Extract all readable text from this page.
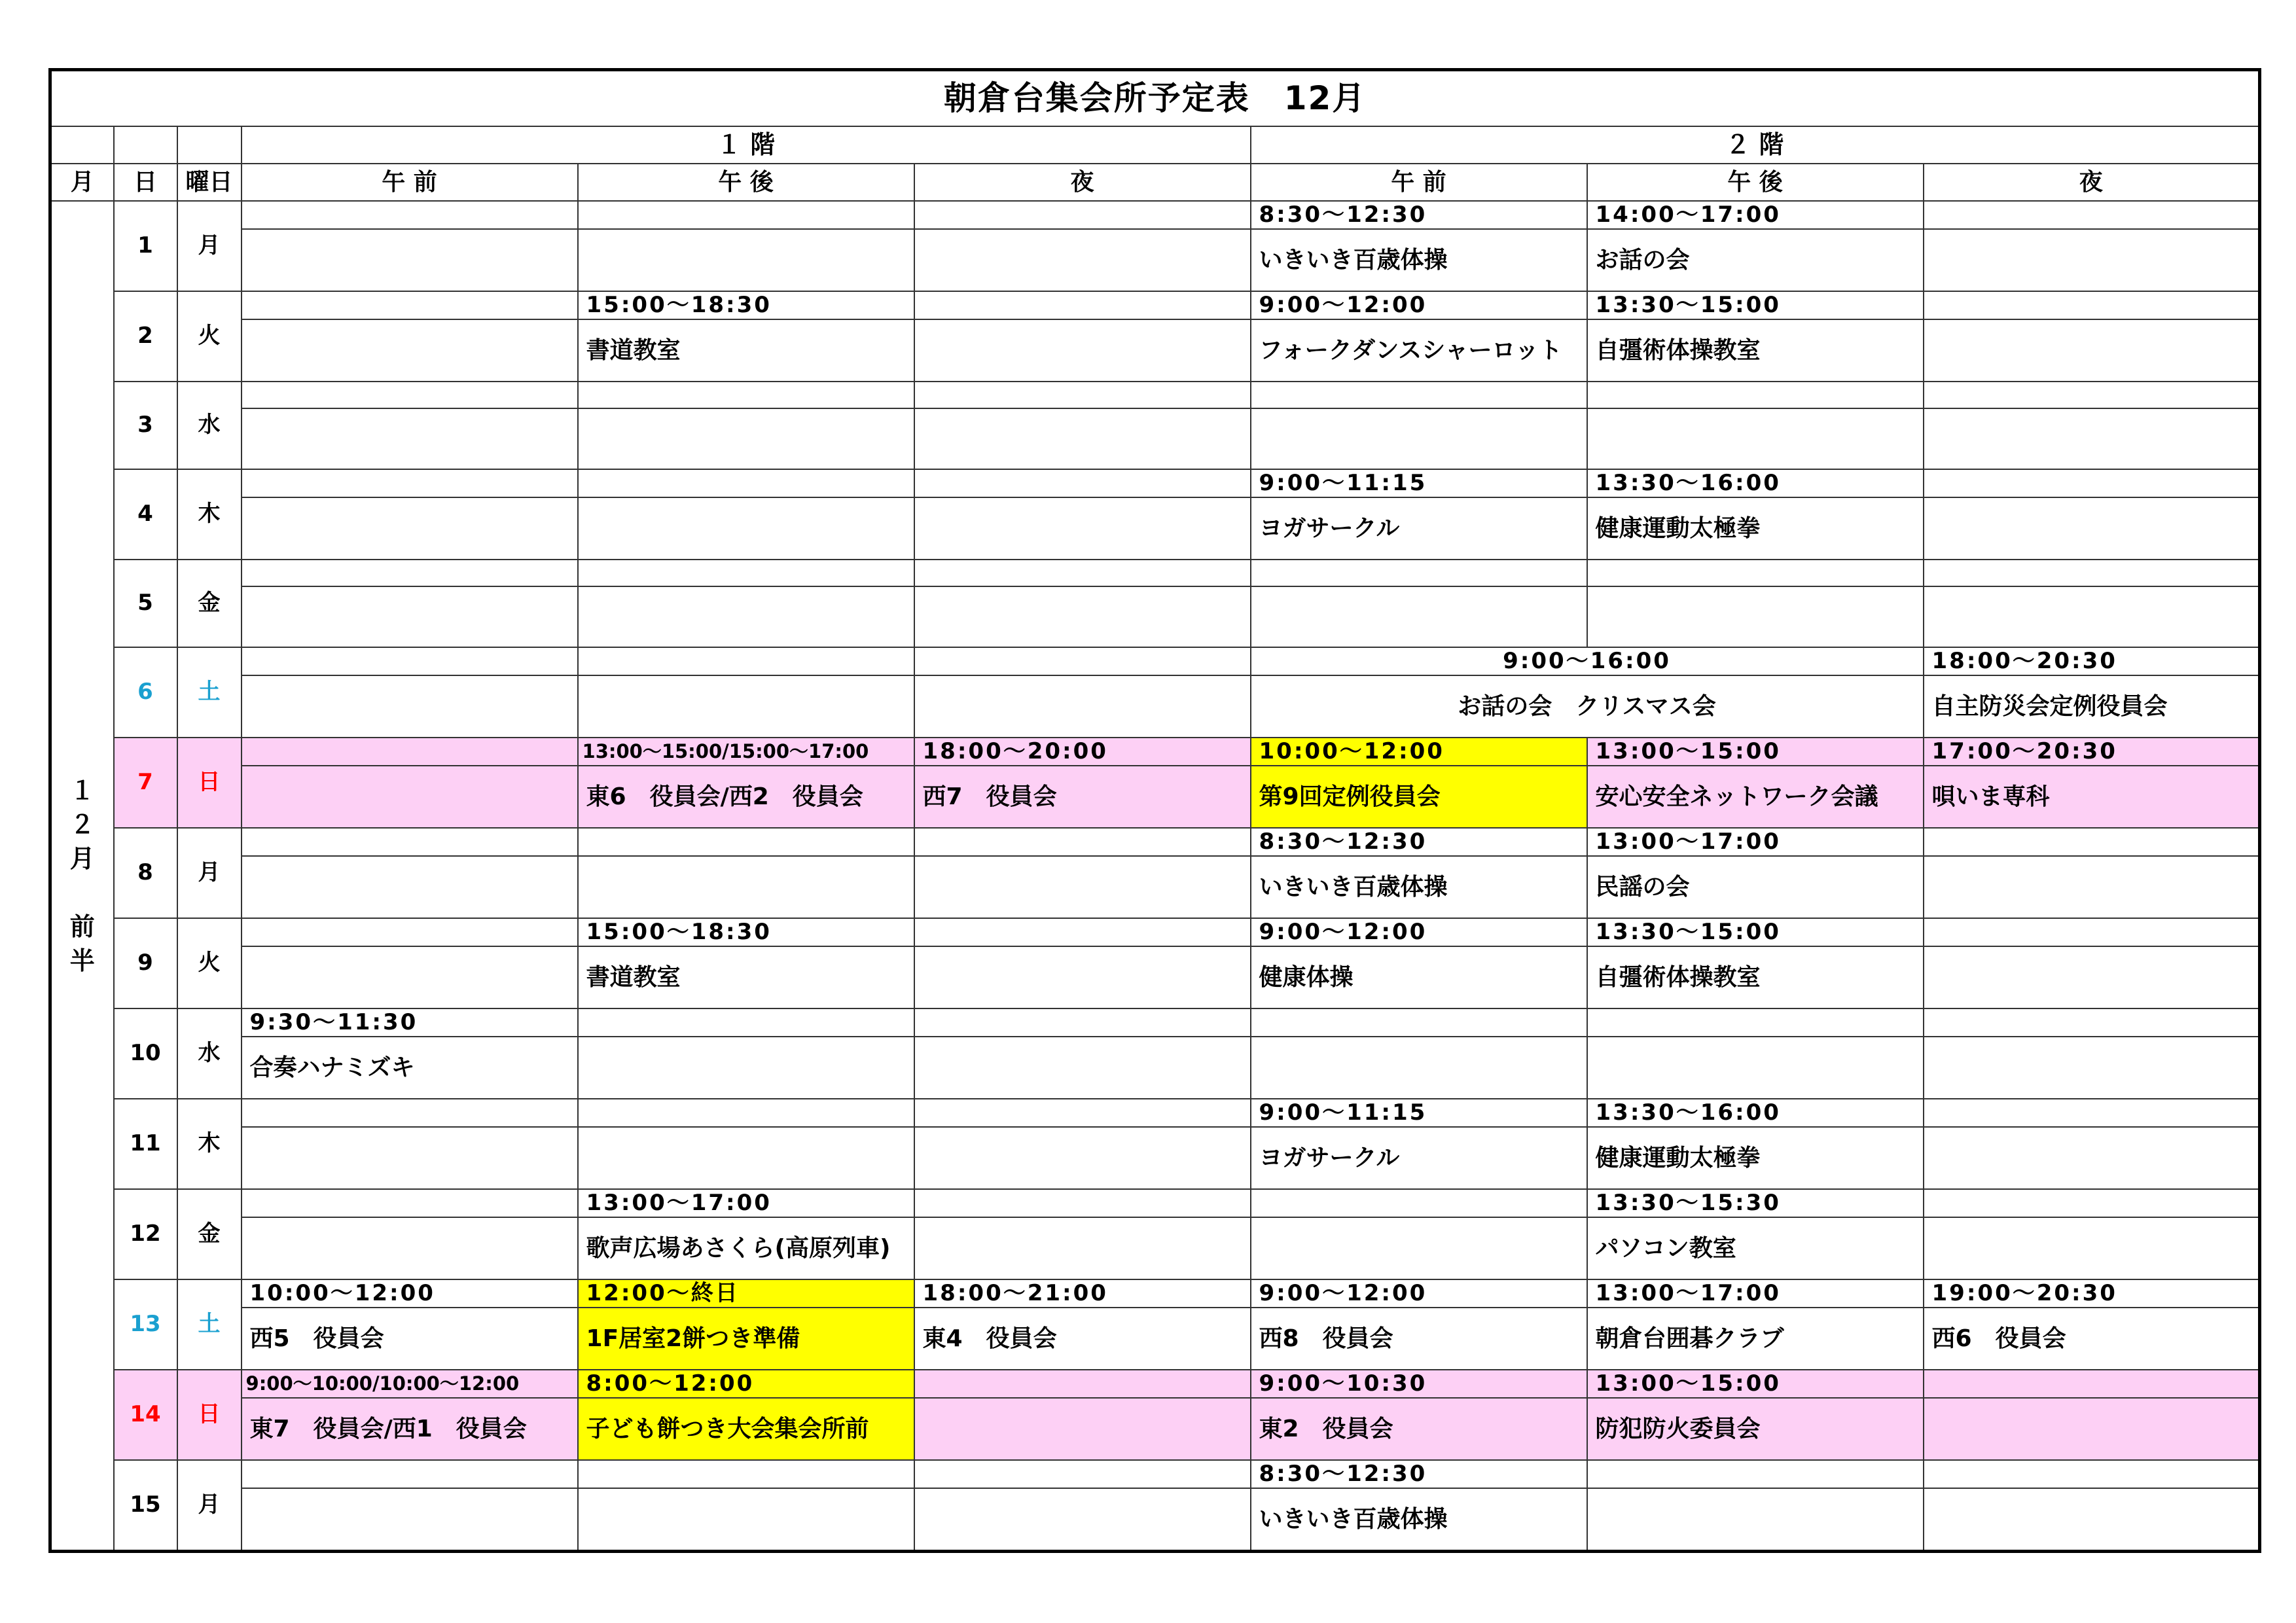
朝倉台集会所予定表　12月								
			１ 階			２ 階		
月	日	曜日	午 前	午 後	夜	午 前	午 後	夜

１
２
月

前
半	1	月				8:30～12:30	14:00～17:00	
						いきいき百歳体操	お話の会	
	2	火		15:00～18:30		9:00～12:00	13:30～15:00	
				書道教室		フォークダンスシャーロット	自彊術体操教室	
	3	水						

	4	木				9:00～11:15	13:30～16:00	
						ヨガサークル	健康運動太極拳	
	5	金						

	6	土				9:00～16:00		18:00～20:30
						お話の会　クリスマス会		自主防災会定例役員会
	7	日		13:00～15:00/15:00～17:00	18:00～20:00	10:00～12:00	13:00～15:00	17:00～20:30
				東6　役員会/西2　役員会	西7　役員会	第9回定例役員会	安心安全ネットワーク会議	唄いま専科
	8	月				8:30～12:30	13:00～17:00	
						いきいき百歳体操	民謡の会	
	9	火		15:00～18:30		9:00～12:00	13:30～15:00	
				書道教室		健康体操	自彊術体操教室	
	10	水	9:30～11:30					
			合奏ハナミズキ					
	11	木				9:00～11:15	13:30～16:00	
						ヨガサークル	健康運動太極拳	
	12	金		13:00～17:00			13:30～15:30	
				歌声広場あさくら(高原列車)			パソコン教室	
	13	土	10:00～12:00	12:00～終日	18:00～21:00	9:00～12:00	13:00～17:00	19:00～20:30
			西5　役員会	1F居室2餅つき準備	東4　役員会	西8　役員会	朝倉台囲碁クラブ	西6　役員会
	14	日	9:00～10:00/10:00～12:00	8:00～12:00		9:00～10:30	13:00～15:00	
			東7　役員会/西1　役員会	子ども餅つき大会集会所前		東2　役員会	防犯防火委員会	
	15	月				8:30～12:30		
						いきいき百歳体操		
